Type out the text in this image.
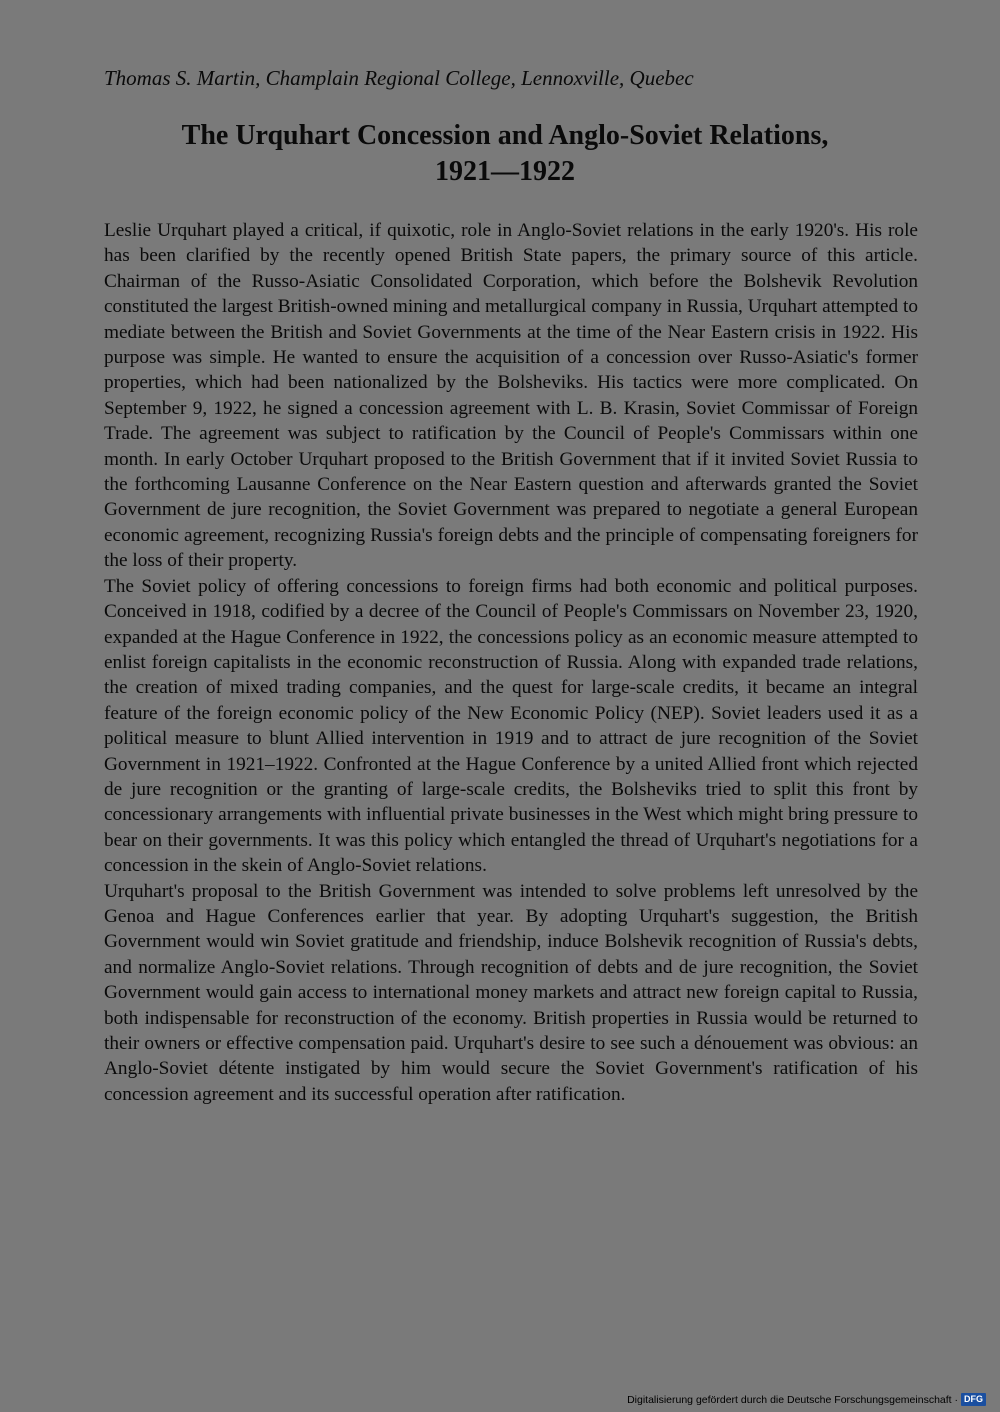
Thomas S. Martin, Champlain Regional College, Lennoxville, Quebec
The Urquhart Concession and Anglo-Soviet Relations,
1921—1922

Leslie Urquhart played a critical, if quixotic, role in Anglo-Soviet relations in the early 1920's. His role has been clarified by the recently opened British State papers, the primary source of this article. Chairman of the Russo-Asiatic Consolidated Corporation, which before the Bolshevik Revolution constituted the largest British-owned mining and metallurgical company in Russia, Urquhart attempted to mediate between the British and Soviet Governments at the time of the Near Eastern crisis in 1922. His purpose was simple. He wanted to ensure the acquisition of a concession over Russo-Asiatic's former properties, which had been nationalized by the Bolsheviks. His tactics were more complicated. On September 9, 1922, he signed a concession agreement with L. B. Krasin, Soviet Commissar of Foreign Trade. The agreement was subject to ratification by the Council of People's Commissars within one month. In early October Urquhart proposed to the British Government that if it invited Soviet Russia to the forthcoming Lausanne Conference on the Near Eastern question and afterwards granted the Soviet Government de jure recognition, the Soviet Government was prepared to negotiate a general European economic agreement, recognizing Russia's foreign debts and the principle of compensating foreigners for the loss of their property.

The Soviet policy of offering concessions to foreign firms had both economic and political purposes. Conceived in 1918, codified by a decree of the Council of People's Commissars on November 23, 1920, expanded at the Hague Conference in 1922, the concessions policy as an economic measure attempted to enlist foreign capitalists in the economic reconstruction of Russia. Along with expanded trade relations, the creation of mixed trading companies, and the quest for large-scale credits, it became an integral feature of the foreign economic policy of the New Economic Policy (NEP). Soviet leaders used it as a political measure to blunt Allied intervention in 1919 and to attract de jure recognition of the Soviet Government in 1921–1922. Confronted at the Hague Conference by a united Allied front which rejected de jure recognition or the granting of large-scale credits, the Bolsheviks tried to split this front by concessionary arrangements with influential private businesses in the West which might bring pressure to bear on their governments. It was this policy which entangled the thread of Urquhart's negotiations for a concession in the skein of Anglo-Soviet relations.

Urquhart's proposal to the British Government was intended to solve problems left unresolved by the Genoa and Hague Conferences earlier that year. By adopting Urquhart's suggestion, the British Government would win Soviet gratitude and friendship, induce Bolshevik recognition of Russia's debts, and normalize Anglo-Soviet relations. Through recognition of debts and de jure recognition, the Soviet Government would gain access to international money markets and attract new foreign capital to Russia, both indispensable for reconstruction of the economy. British properties in Russia would be returned to their owners or effective compensation paid. Urquhart's desire to see such a dénouement was obvious: an Anglo-Soviet détente instigated by him would secure the Soviet Government's ratification of his concession agreement and its successful operation after ratification.

Digitalisierung gefördert durch die Deutsche Forschungsgemeinschaft · DFG
